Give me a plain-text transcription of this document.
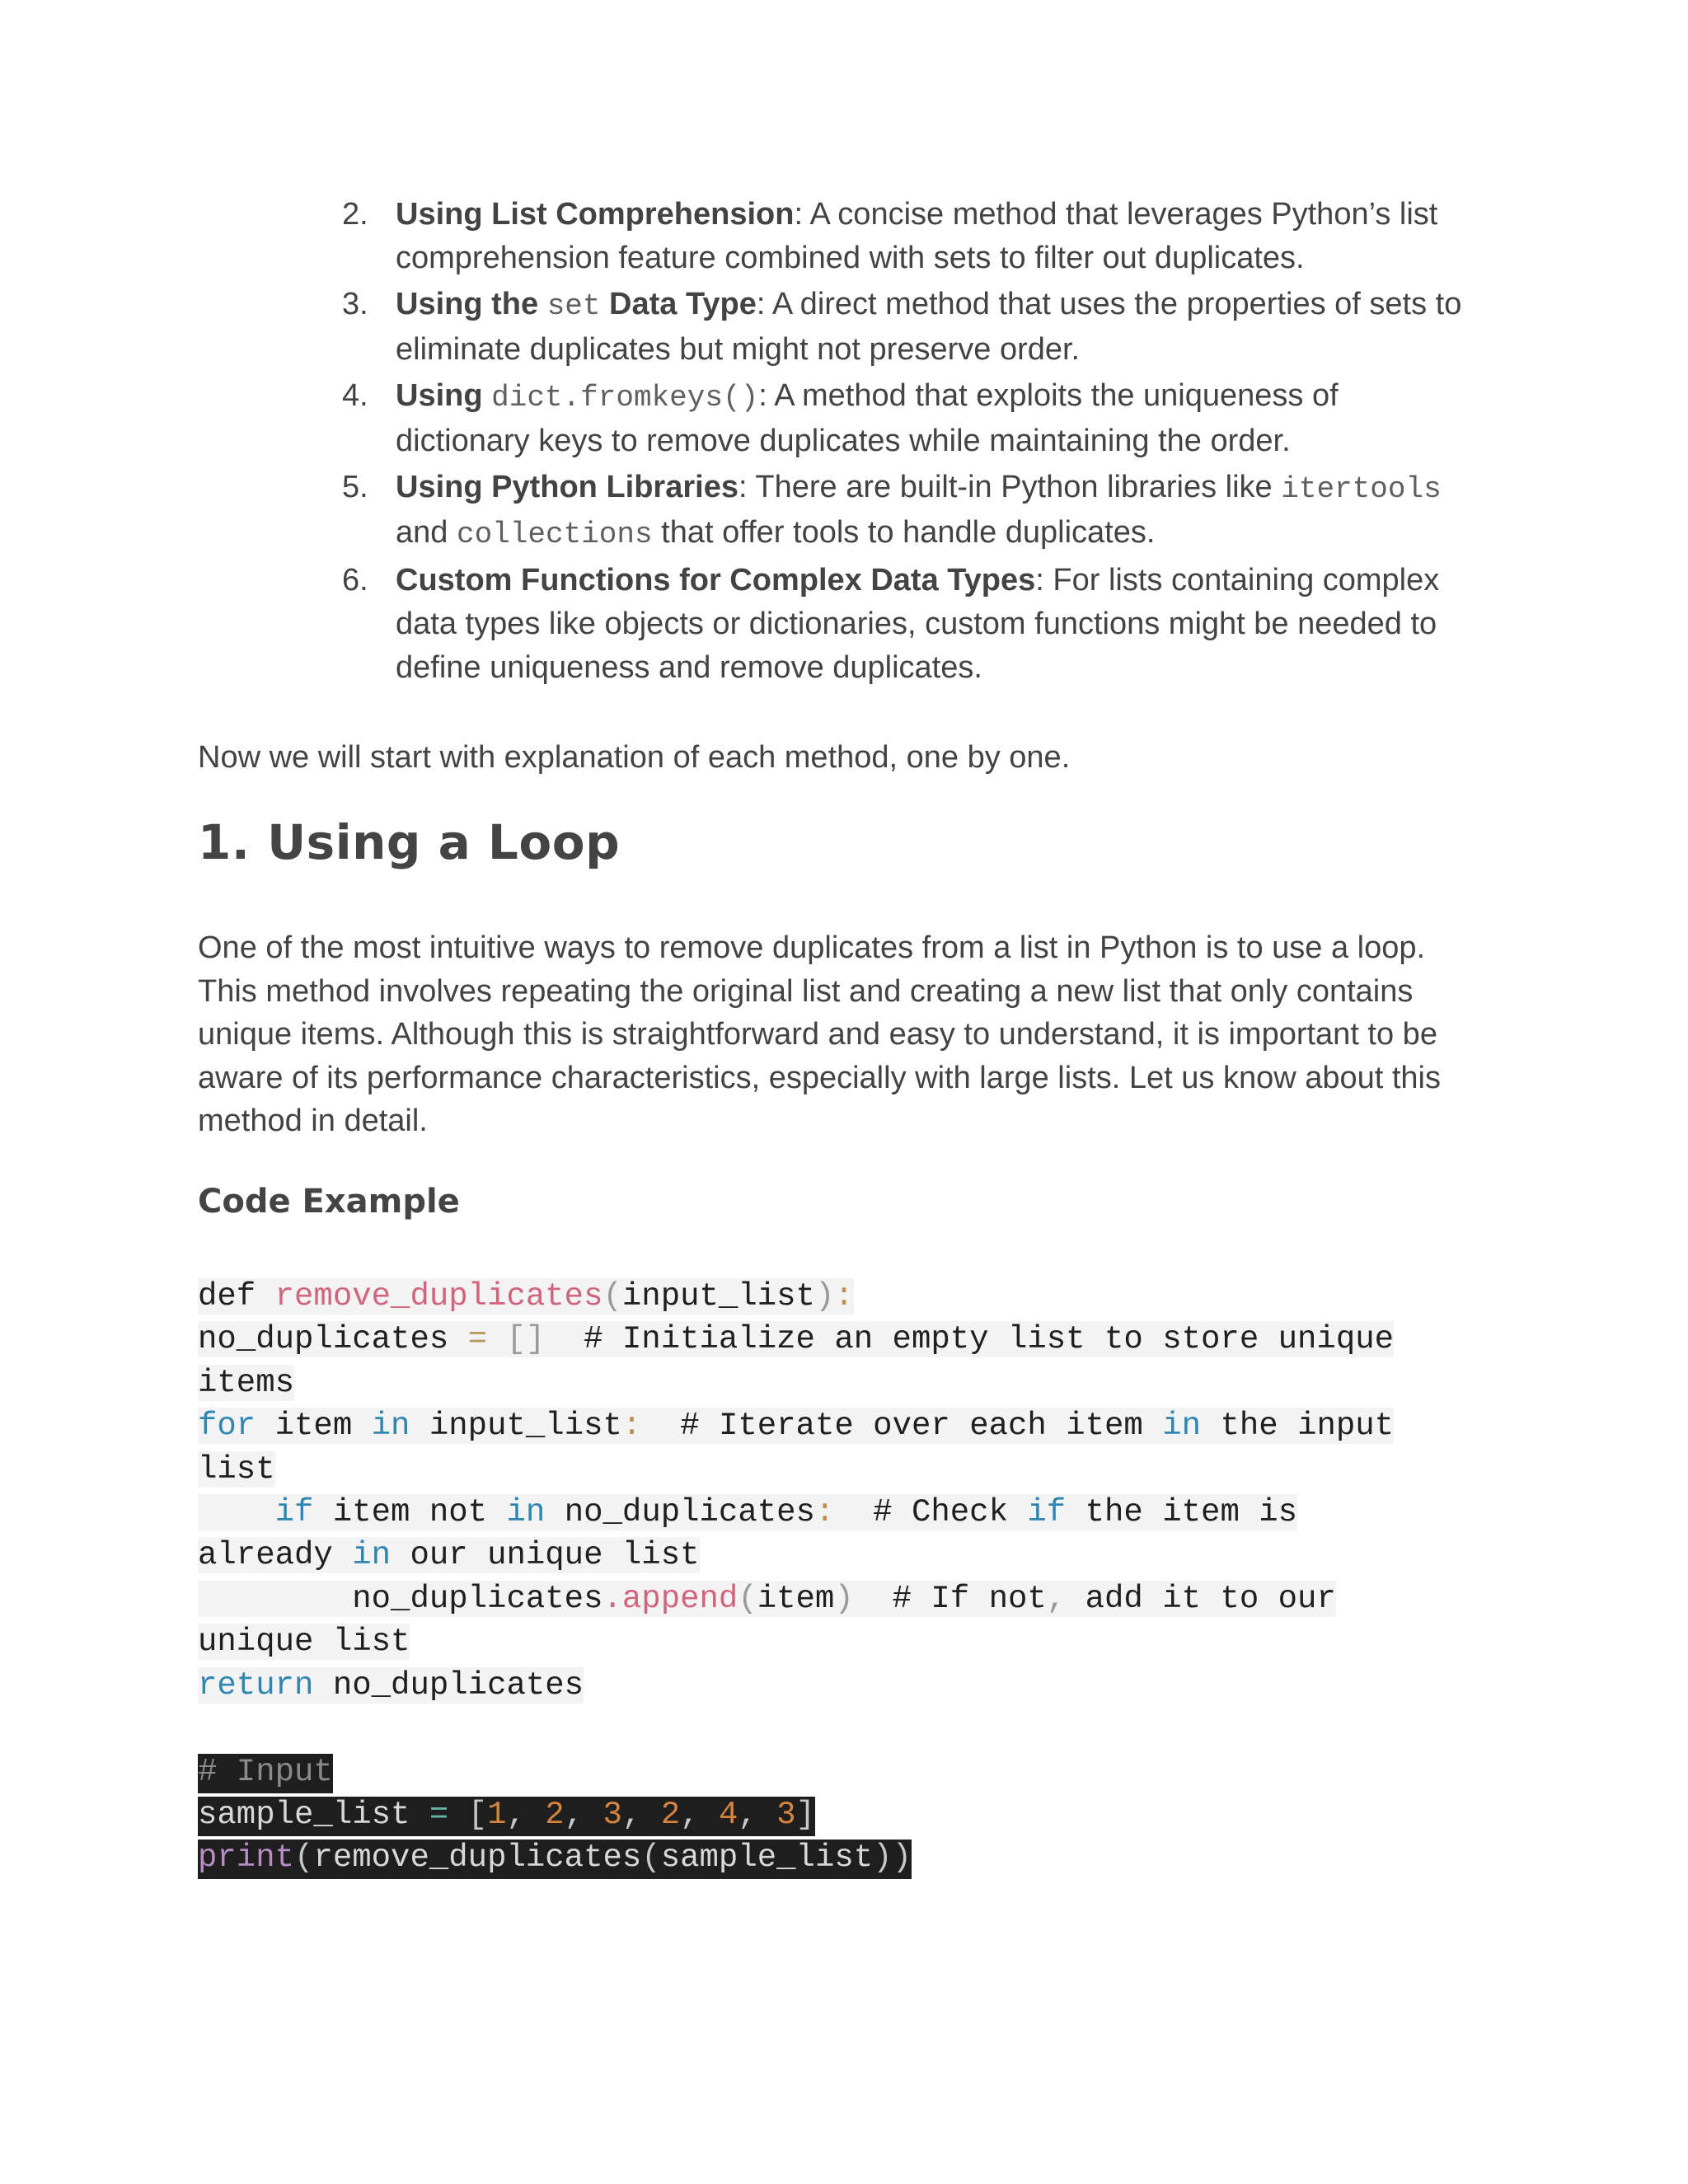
2. Using List Comprehension: A concise method that leverages Python’s list comprehension feature combined with sets to filter out duplicates.
3. Using the set Data Type: A direct method that uses the properties of sets to eliminate duplicates but might not preserve order.
4. Using dict.fromkeys(): A method that exploits the uniqueness of dictionary keys to remove duplicates while maintaining the order.
5. Using Python Libraries: There are built-in Python libraries like itertools and collections that offer tools to handle duplicates.
6. Custom Functions for Complex Data Types: For lists containing complex data types like objects or dictionaries, custom functions might be needed to define uniqueness and remove duplicates.

Now we will start with explanation of each method, one by one.

1. Using a Loop

One of the most intuitive ways to remove duplicates from a list in Python is to use a loop. This method involves repeating the original list and creating a new list that only contains unique items. Although this is straightforward and easy to understand, it is important to be aware of its performance characteristics, especially with large lists. Let us know about this method in detail.

Code Example
def remove_duplicates(input_list):
no_duplicates = []  # Initialize an empty list to store unique
items
for item in input_list:  # Iterate over each item in the input
list
if item not in no_duplicates:  # Check if the item is
already in our unique list
no_duplicates.append(item)  # If not, add it to our
unique list
return no_duplicates
# Input
sample_list = [1, 2, 3, 2, 4, 3]
print(remove_duplicates(sample_list))
